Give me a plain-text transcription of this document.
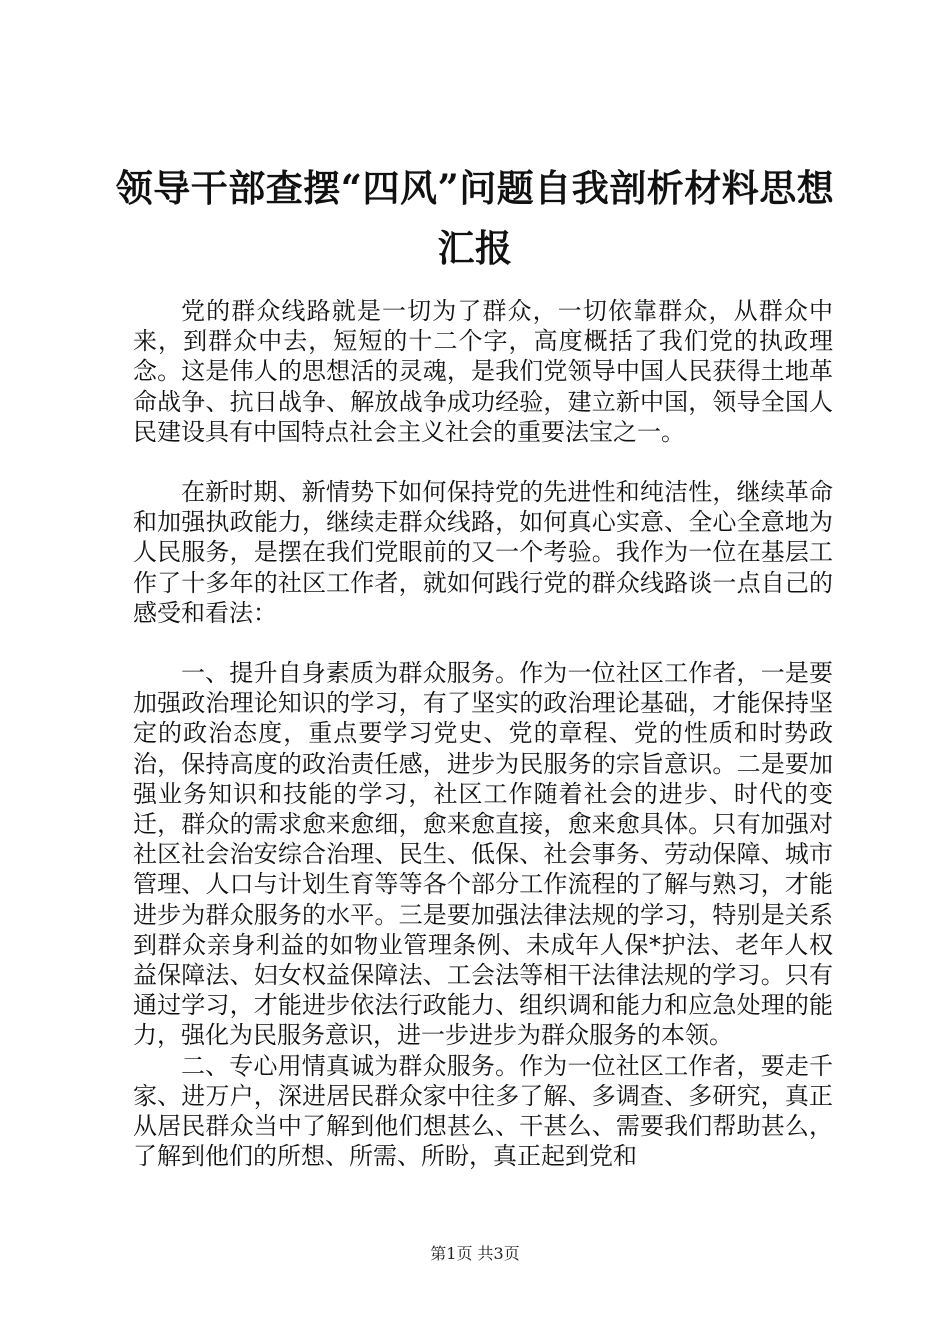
领导干部查摆“四风”问题自我剖析材料思想汇报

党的群众线路就是一切为了群众，一切依靠群众，从群众中来，到群众中去，短短的十二个字，高度概括了我们党的执政理念。这是伟人的思想活的灵魂，是我们党领导中国人民获得土地革命战争、抗日战争、解放战争成功经验，建立新中国，领导全国人民建设具有中国特点社会主义社会的重要法宝之一。

在新时期、新情势下如何保持党的先进性和纯洁性，继续革命和加强执政能力，继续走群众线路，如何真心实意、全心全意地为人民服务，是摆在我们党眼前的又一个考验。我作为一位在基层工作了十多年的社区工作者，就如何践行党的群众线路谈一点自己的感受和看法：

一、提升自身素质为群众服务。作为一位社区工作者，一是要加强政治理论知识的学习，有了坚实的政治理论基础，才能保持坚定的政治态度，重点要学习党史、党的章程、党的性质和时势政治，保持高度的政治责任感，进步为民服务的宗旨意识。二是要加强业务知识和技能的学习，社区工作随着社会的进步、时代的变迁，群众的需求愈来愈细，愈来愈直接，愈来愈具体。只有加强对社区社会治安综合治理、民生、低保、社会事务、劳动保障、城市管理、人口与计划生育等等各个部分工作流程的了解与熟习，才能进步为群众服务的水平。三是要加强法律法规的学习，特别是关系到群众亲身利益的如物业管理条例、未成年人保*护法、老年人权益保障法、妇女权益保障法、工会法等相干法律法规的学习。只有通过学习，才能进步依法行政能力、组织调和能力和应急处理的能力，强化为民服务意识，进一步进步为群众服务的本领。

二、专心用情真诚为群众服务。作为一位社区工作者，要走千家、进万户，深进居民群众家中往多了解、多调查、多研究，真正从居民群众当中了解到他们想甚么、干甚么、需要我们帮助甚么，了解到他们的所想、所需、所盼，真正起到党和

第1页 共3页
